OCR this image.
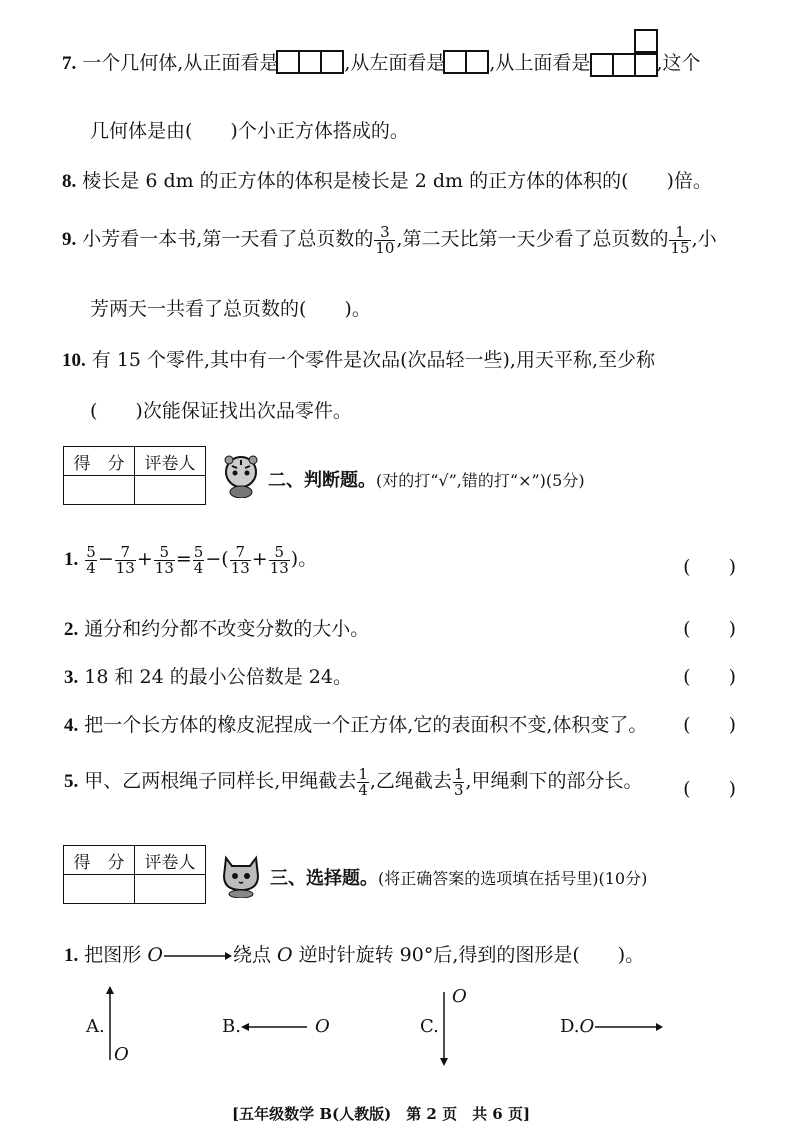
7. 一个几何体,从正面看是	,从左面看是 ,从上面看是	,这个
几何体是由(　　)个小正方体搭成的。
8. 棱长是 6 dm 的正方体的体积是棱长是 2 dm 的正方体的体积的(　　)倍。
9. 小芳看一本书,第一天看了总页数的 $\frac{3}{10}$ ,第二天比第一天少看了总页数的 $\frac{1}{15}$ ,小
芳两天一共看了总页数的(　　)。
10. 有 15 个零件,其中有一个零件是次品(次品轻一些),用天平称,至少称
(　　)次能保证找出次品零件。
得　分	评卷人

二、判断题。(对的打“√”,错的打“×”)(5分)
1. $\frac{5}{4} - \frac{7}{13} + \frac{5}{13} = \frac{5}{4}$ −( $\frac{7}{13} + \frac{5}{13}$ )。	(　　)
2. 通分和约分都不改变分数的大小。	(　　)
3. 18 和 24 的最小公倍数是 24。	(　　)
4. 把一个长方体的橡皮泥捏成一个正方体,它的表面积不变,体积变了。 (　　)
5. 甲、乙两根绳子同样长,甲绳截去 $\frac{1}{4}$ ,乙绳截去 $\frac{1}{3}$ ,甲绳剩下的部分长。 (　　)
得　分	评卷人

三、选择题。(将正确答案的选项填在括号里)(10分)
1. 把图形 O	绕点 O 逆时针旋转 90°后,得到的图形是(　　)。
A.
O
B.	O	C.
O
D.O
[五年级数学 B(人教版)　第 2 页　共 6 页]
